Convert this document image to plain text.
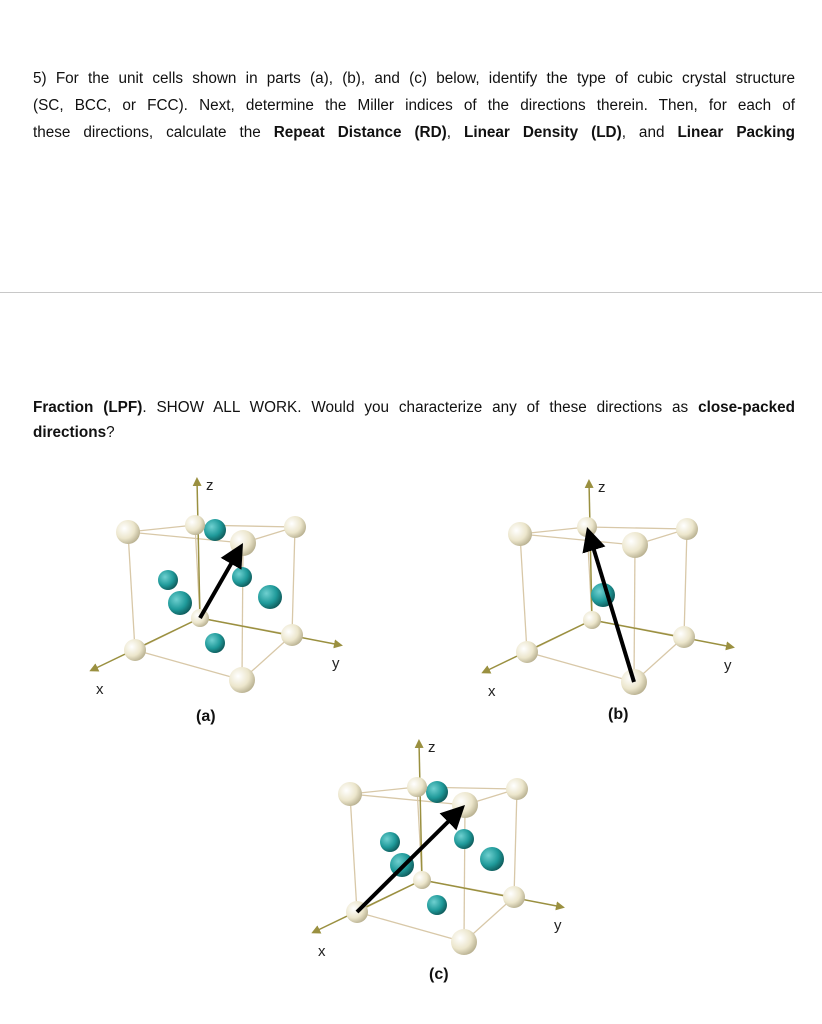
5) For the unit cells shown in parts (a), (b), and (c) below, identify the type of cubic crystal structure
(SC, BCC, or FCC). Next, determine the Miller indices of the directions therein. Then, for each of
these directions, calculate the Repeat Distance (RD), Linear Density (LD), and Linear Packing
Fraction (LPF). SHOW ALL WORK. Would you characterize any of these directions as close-packed
directions?
z
x
y
z
x
y
z
x
y
(a)	(b)
(c)
